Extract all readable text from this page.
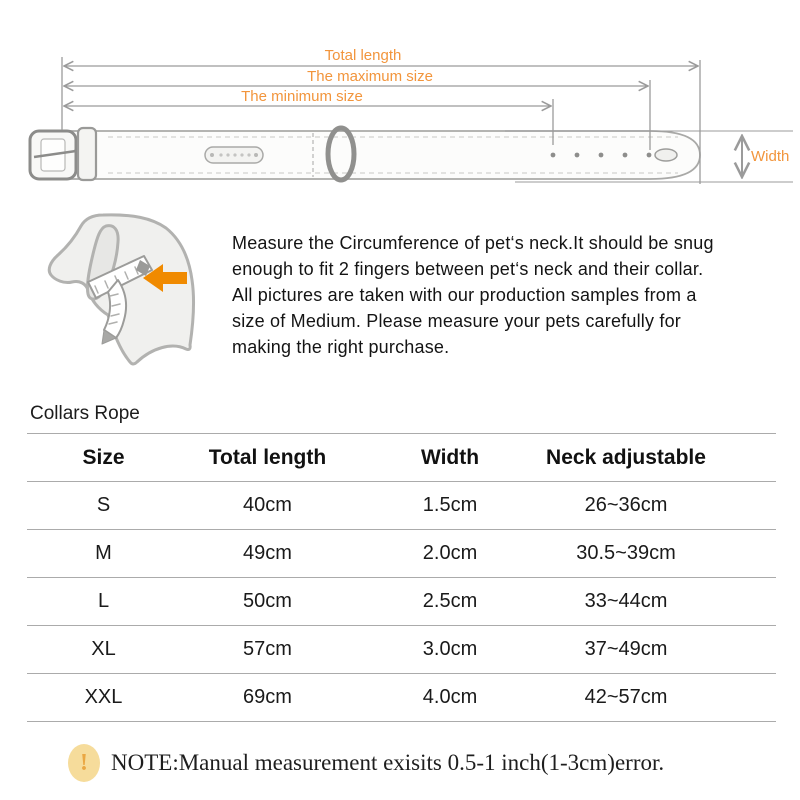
Total length
The maximum size
The minimum size
Width
Measure the Circumference of pet‘s neck.It should be snug
enough to fit 2 fingers between pet‘s neck and their collar.
All pictures are taken with our production samples from a
size of Medium. Please measure your pets carefully for
making the right purchase.
Collars Rope
Size	Total length	Width	Neck adjustable
S	40cm	1.5cm	26~36cm
M	49cm	2.0cm	30.5~39cm
L	50cm	2.5cm	33~44cm
XL	57cm	3.0cm	37~49cm
XXL	69cm	4.0cm	42~57cm
! NOTE:Manual measurement exisits 0.5-1 inch(1-3cm)error.
